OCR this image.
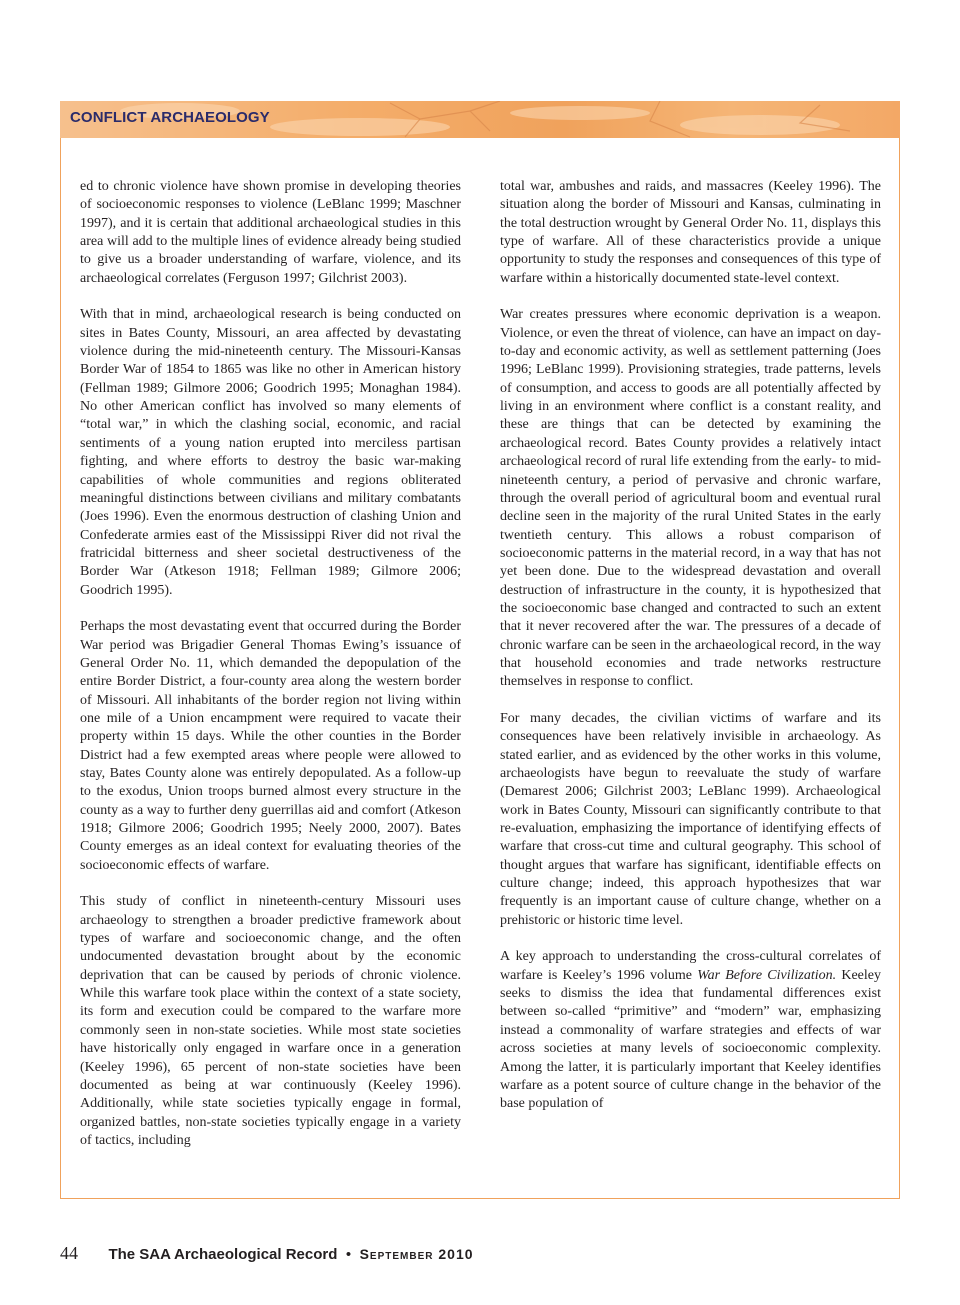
CONFLICT ARCHAEOLOGY

ed to chronic violence have shown promise in developing theories of socioeconomic responses to violence (LeBlanc 1999; Maschner 1997), and it is certain that additional archaeological studies in this area will add to the multiple lines of evidence already being studied to give us a broader understanding of warfare, violence, and its archaeological correlates (Ferguson 1997; Gilchrist 2003).

With that in mind, archaeological research is being conducted on sites in Bates County, Missouri, an area affected by devastating violence during the mid-nineteenth century. The Missouri-Kansas Border War of 1854 to 1865 was like no other in American history (Fellman 1989; Gilmore 2006; Goodrich 1995; Monaghan 1984). No other American conflict has involved so many elements of “total war,” in which the clashing social, economic, and racial sentiments of a young nation erupted into merciless partisan fighting, and where efforts to destroy the basic war-making capabilities of whole communities and regions obliterated meaningful distinctions between civilians and military combatants (Joes 1996). Even the enormous destruction of clashing Union and Confederate armies east of the Mississippi River did not rival the fratricidal bitterness and sheer societal destructiveness of the Border War (Atkeson 1918; Fellman 1989; Gilmore 2006; Goodrich 1995).

Perhaps the most devastating event that occurred during the Border War period was Brigadier General Thomas Ewing’s issuance of General Order No. 11, which demanded the depopulation of the entire Border District, a four-county area along the western border of Missouri. All inhabitants of the border region not living within one mile of a Union encampment were required to vacate their property within 15 days. While the other counties in the Border District had a few exempted areas where people were allowed to stay, Bates County alone was entirely depopulated. As a follow-up to the exodus, Union troops burned almost every structure in the county as a way to further deny guerrillas aid and comfort (Atkeson 1918; Gilmore 2006; Goodrich 1995; Neely 2000, 2007). Bates County emerges as an ideal context for evaluating theories of the socioeconomic effects of warfare.

This study of conflict in nineteenth-century Missouri uses archaeology to strengthen a broader predictive framework about types of warfare and socioeconomic change, and the often undocumented devastation brought about by the economic deprivation that can be caused by periods of chronic violence. While this warfare took place within the context of a state society, its form and execution could be compared to the warfare more commonly seen in non-state societies. While most state societies have historically only engaged in warfare once in a generation (Keeley 1996), 65 percent of non-state societies have been documented as being at war continuously (Keeley 1996). Additionally, while state societies typically engage in formal, organized battles, non-state societies typically engage in a variety of tactics, including

total war, ambushes and raids, and massacres (Keeley 1996). The situation along the border of Missouri and Kansas, culminating in the total destruction wrought by General Order No. 11, displays this type of warfare. All of these characteristics provide a unique opportunity to study the responses and consequences of this type of warfare within a historically documented state-level context.

War creates pressures where economic deprivation is a weapon. Violence, or even the threat of violence, can have an impact on day-to-day and economic activity, as well as settlement patterning (Joes 1996; LeBlanc 1999). Provisioning strategies, trade patterns, levels of consumption, and access to goods are all potentially affected by living in an environment where conflict is a constant reality, and these are things that can be detected by examining the archaeological record. Bates County provides a relatively intact archaeological record of rural life extending from the early- to mid-nineteenth century, a period of pervasive and chronic warfare, through the overall period of agricultural boom and eventual rural decline seen in the majority of the rural United States in the early twentieth century. This allows a robust comparison of socioeconomic patterns in the material record, in a way that has not yet been done. Due to the widespread devastation and overall destruction of infrastructure in the county, it is hypothesized that the socioeconomic base changed and contracted to such an extent that it never recovered after the war. The pressures of a decade of chronic warfare can be seen in the archaeological record, in the way that household economies and trade networks restructure themselves in response to conflict.

For many decades, the civilian victims of warfare and its consequences have been relatively invisible in archaeology. As stated earlier, and as evidenced by the other works in this volume, archaeologists have begun to reevaluate the study of warfare (Demarest 2006; Gilchrist 2003; LeBlanc 1999). Archaeological work in Bates County, Missouri can significantly contribute to that re-evaluation, emphasizing the importance of identifying effects of warfare that cross-cut time and cultural geography. This school of thought argues that warfare has significant, identifiable effects on culture change; indeed, this approach hypothesizes that war frequently is an important cause of culture change, whether on a prehistoric or historic time level.

A key approach to understanding the cross-cultural correlates of warfare is Keeley’s 1996 volume War Before Civilization. Keeley seeks to dismiss the idea that fundamental differences exist between so-called “primitive” and “modern” war, emphasizing instead a commonality of warfare strategies and effects of war across societies at many levels of socioeconomic complexity. Among the latter, it is particularly important that Keeley identifies warfare as a potent source of culture change in the behavior of the base population of

44 The SAA Archaeological Record • September 2010
